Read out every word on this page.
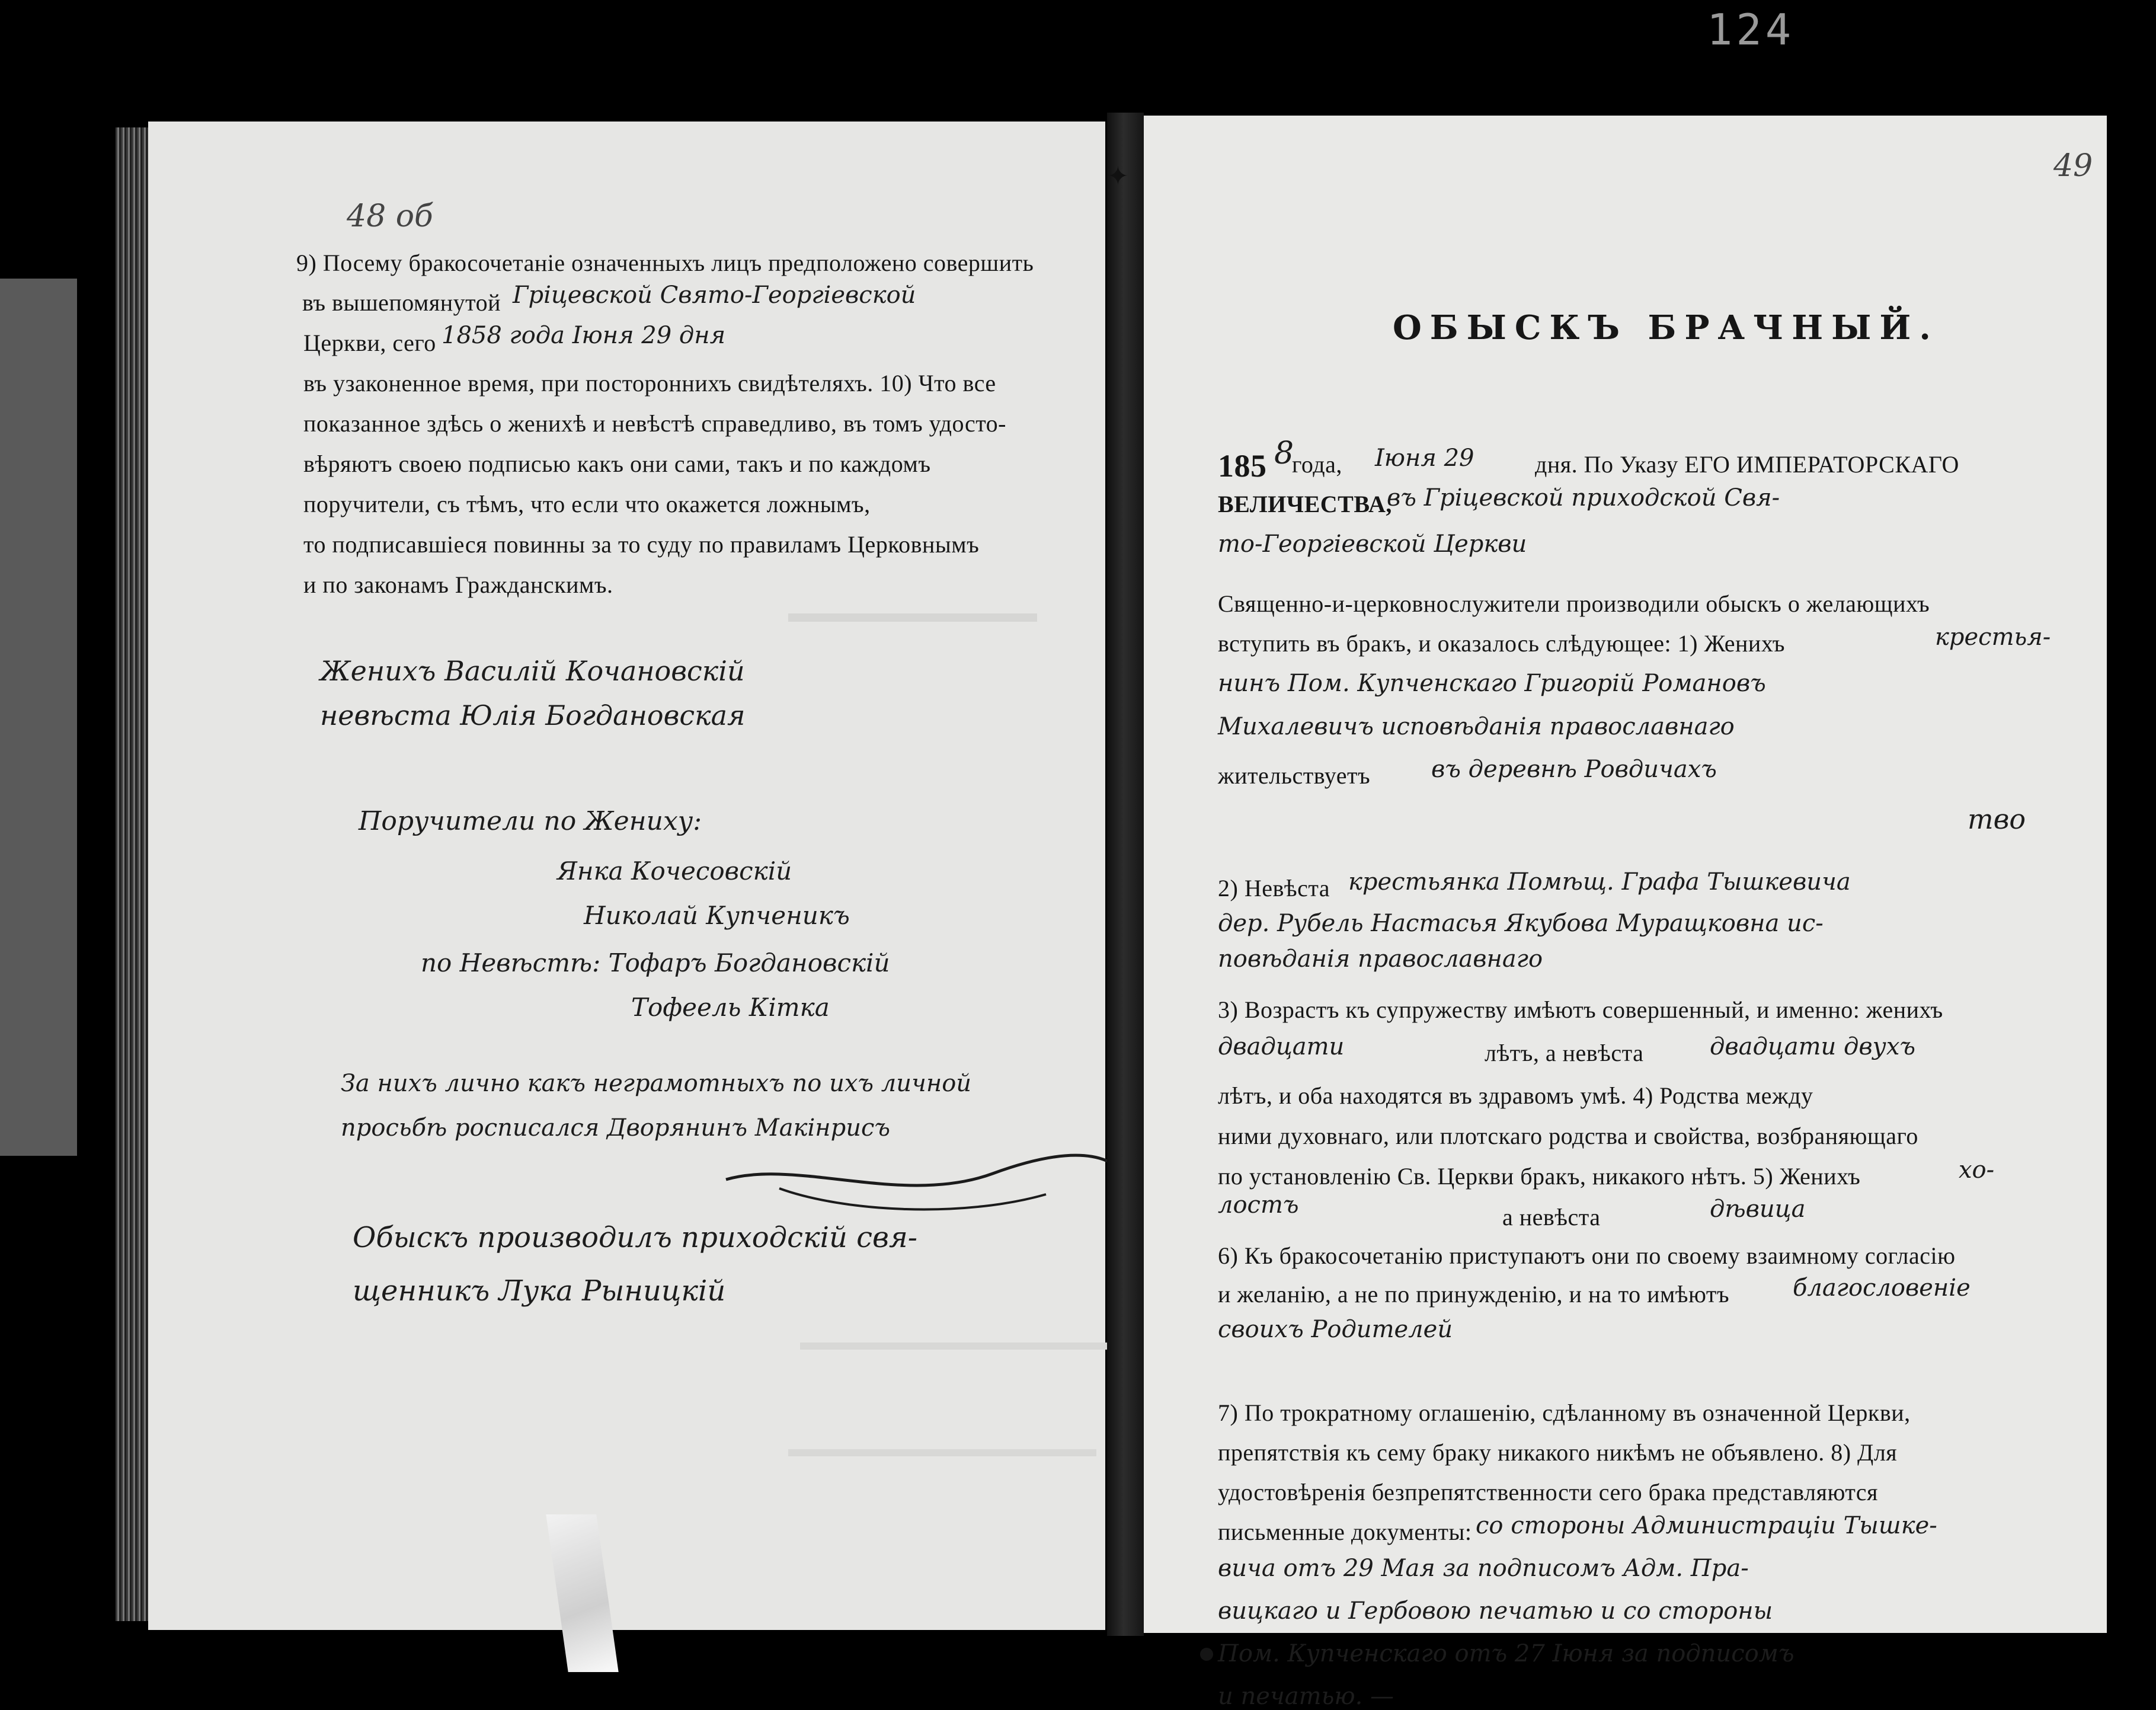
124
48 об
9) Посему бракосочетаніе означенныхъ лицъ предположено совершить
въ вышепомянутой Гріцевской Свято-Георгіевской
Церкви, сего 1858 года Іюня 29 дня
въ узаконенное время, при постороннихъ свидѣтеляхъ. 10) Что все
показанное здѣсь о женихѣ и невѣстѣ справедливо, въ томъ удосто-
вѣряютъ своею подписью какъ они сами, такъ и по каждомъ
поручители, съ тѣмъ, что если что окажется ложнымъ,
то подписавшіеся повинны за то суду по правиламъ Церковнымъ
и по законамъ Гражданскимъ.
Женихъ Василій Кочановскій
невѣста Юлія Богдановская
Поручители по Жениху:
Янка Кочесовскій
Николай Купченикъ
по Невѣстѣ: Тофаръ Богдановскій
Тофеель Кітка
За нихъ лично какъ неграмотныхъ по ихъ личной
просьбѣ росписался Дворянинъ Макінрисъ
Обыскъ производилъ приходскій свя-
щенникъ Лука Рыницкій
✦	49
ОБЫСКЪ БРАЧНЫЙ.
185 8
года, Іюня 29	дня. По Указу ЕГО ИМПЕРАТОРСКАГО
ВЕЛИЧЕСТВА,
въ Гріцевской приходской Свя-
то-Георгіевской Церкви
Священно-и-церковнослужители производили обыскъ о желающихъ
вступить въ бракъ, и оказалось слѣдующее: 1) Женихъ	крестья-
нинъ Пом. Купченскаго Григорій Романовъ
Михалевичъ исповѣданія православнаго
жительствуетъ	въ деревнѣ Ровдичахъ
тво
2) Невѣста крестьянка Помѣщ. Графа Тышкевича
дер. Рубель Настасья Якубова Муращковна ис-
повѣданія православнаго
3) Возрастъ къ супружеству имѣютъ совершенный, и именно: женихъ
двадцати	лѣтъ, а невѣста	двадцати двухъ
лѣтъ, и оба находятся въ здравомъ умѣ. 4) Родства между
ними духовнаго, или плотскаго родства и свойства, возбраняющаго
по установленію Св. Церкви бракъ, никакого нѣтъ. 5) Женихъ	хо-
лостъ	а невѣста	дѣвица
6) Къ бракосочетанію приступаютъ они по своему взаимному согласію
и желанію, а не по принужденію, и на то имѣютъ	благословеніе
своихъ Родителей
7) По трократному оглашенію, сдѣланному въ означенной Церкви,
препятствія къ сему браку никакого никѣмъ не объявлено. 8) Для
удостовѣренія безпрепятственности сего брака представляются
письменные документы: со стороны Администраціи Тышке-
вича отъ 29 Мая за подписомъ Адм. Пра-
вицкаго и Гербовою печатью и со стороны
Пом. Купченскаго отъ 27 Іюня за подписомъ
и печатью. —
